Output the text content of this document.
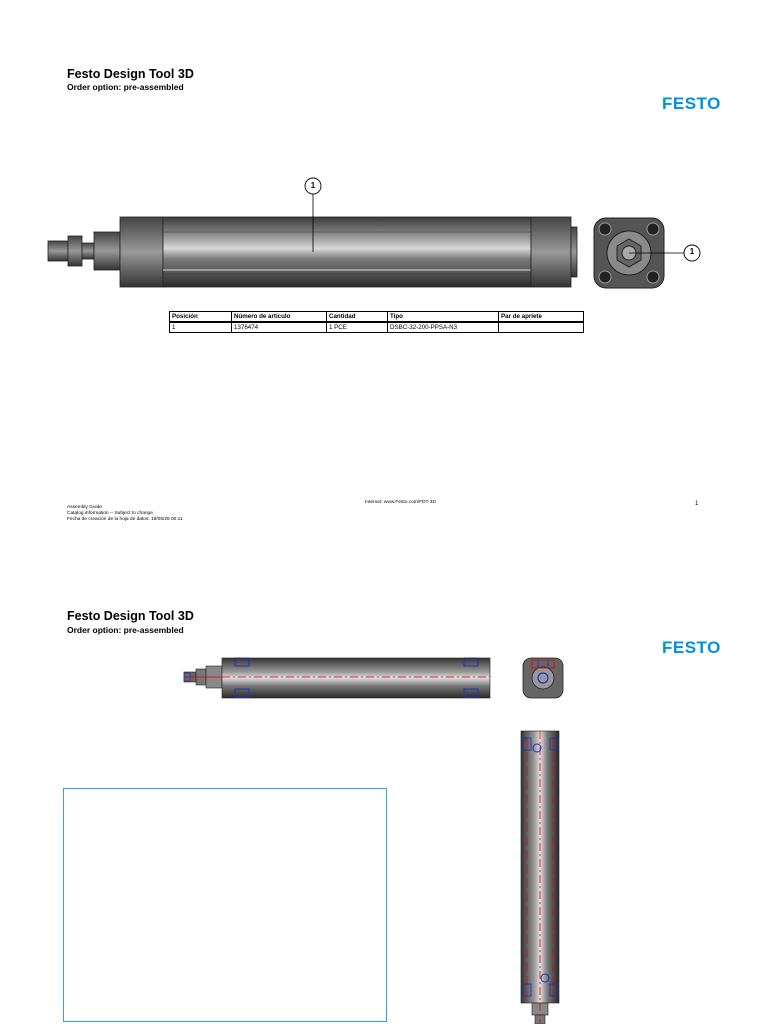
Festo Design Tool 3D
Order option: pre-assembled
FESTO
1
1
Posición	Número de artículo	Cantidad	Tipo	Par de apriete
1	1376474	1 PCE	DSBC-32-200-PPSA-N3	
Assembly Guide
Catalog information -- Subject to change
Fecha de creación de la hoja de datos: 19/06/25 00:11
Internet: www.Festo.com/FDT-3D	1
Festo Design Tool 3D
Order option: pre-assembled
FESTO
